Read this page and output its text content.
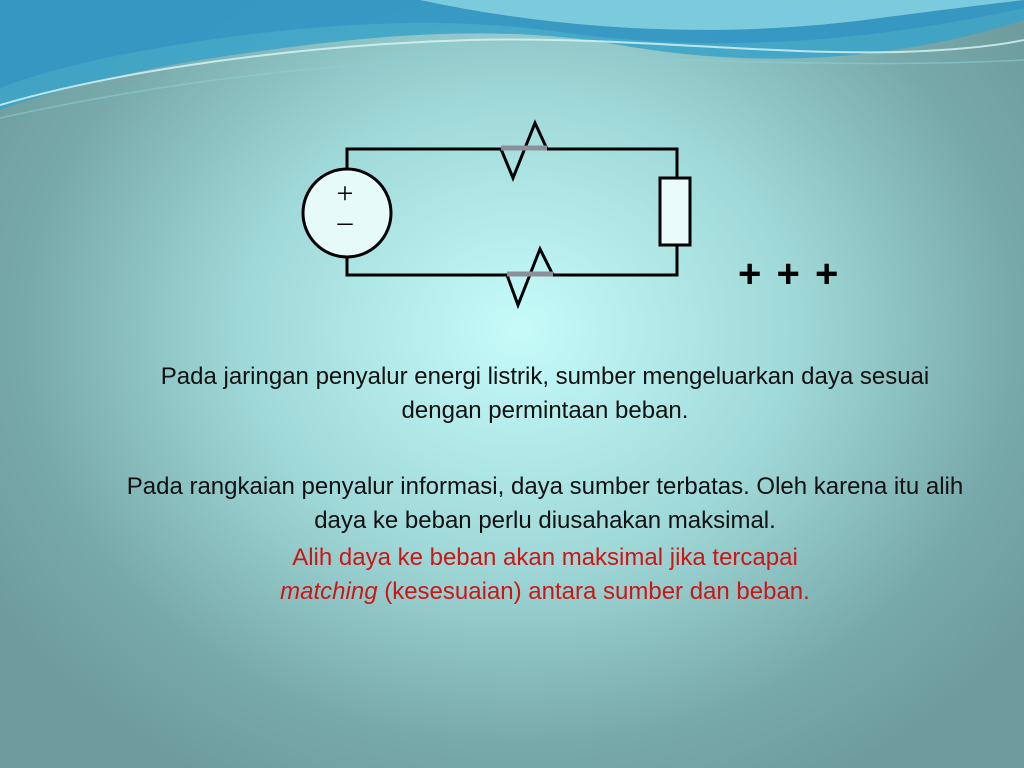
+
–
+ + +
Pada jaringan penyalur energi listrik, sumber mengeluarkan daya sesuai dengan permintaan beban.
Pada rangkaian penyalur informasi, daya sumber terbatas. Oleh karena itu alih daya ke beban perlu diusahakan maksimal.
Alih daya ke beban akan maksimal jika tercapai
matching (kesesuaian) antara sumber dan beban.
